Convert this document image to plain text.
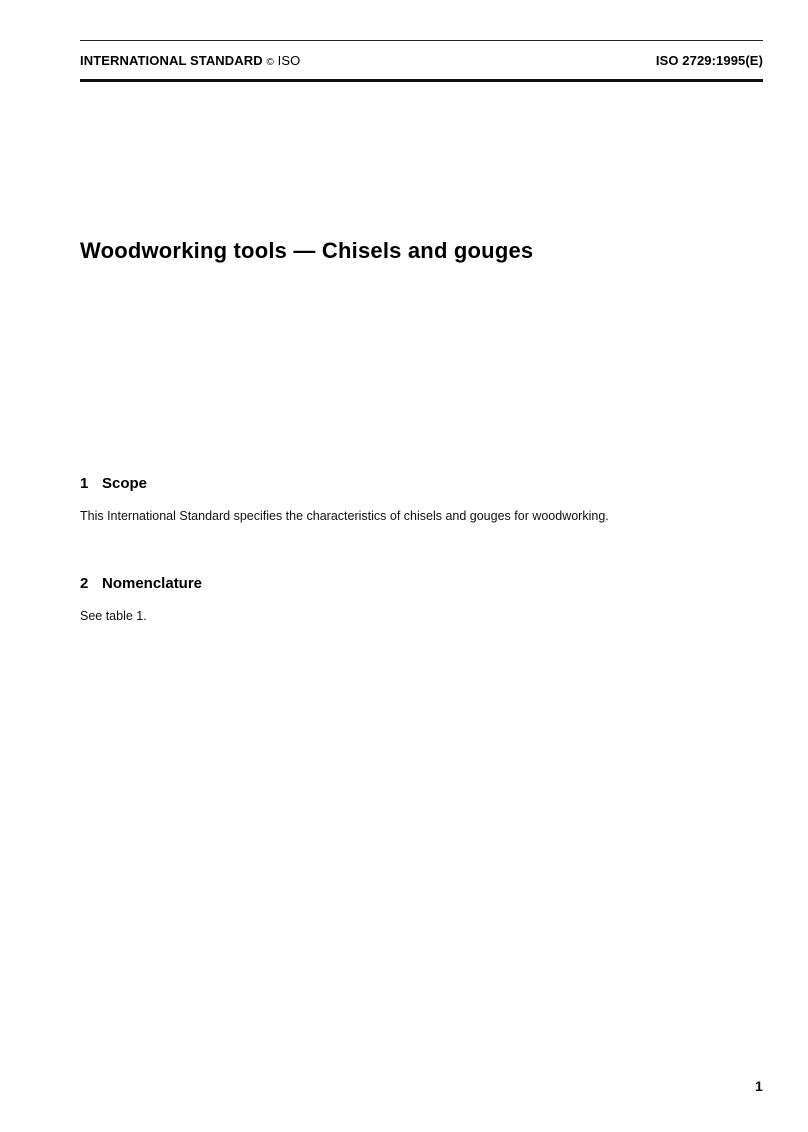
INTERNATIONAL STANDARD © ISO	ISO 2729:1995(E)
Woodworking tools — Chisels and gouges
1 Scope

This International Standard specifies the characteristics of chisels and gouges for woodworking.

2 Nomenclature

See table 1.

1
